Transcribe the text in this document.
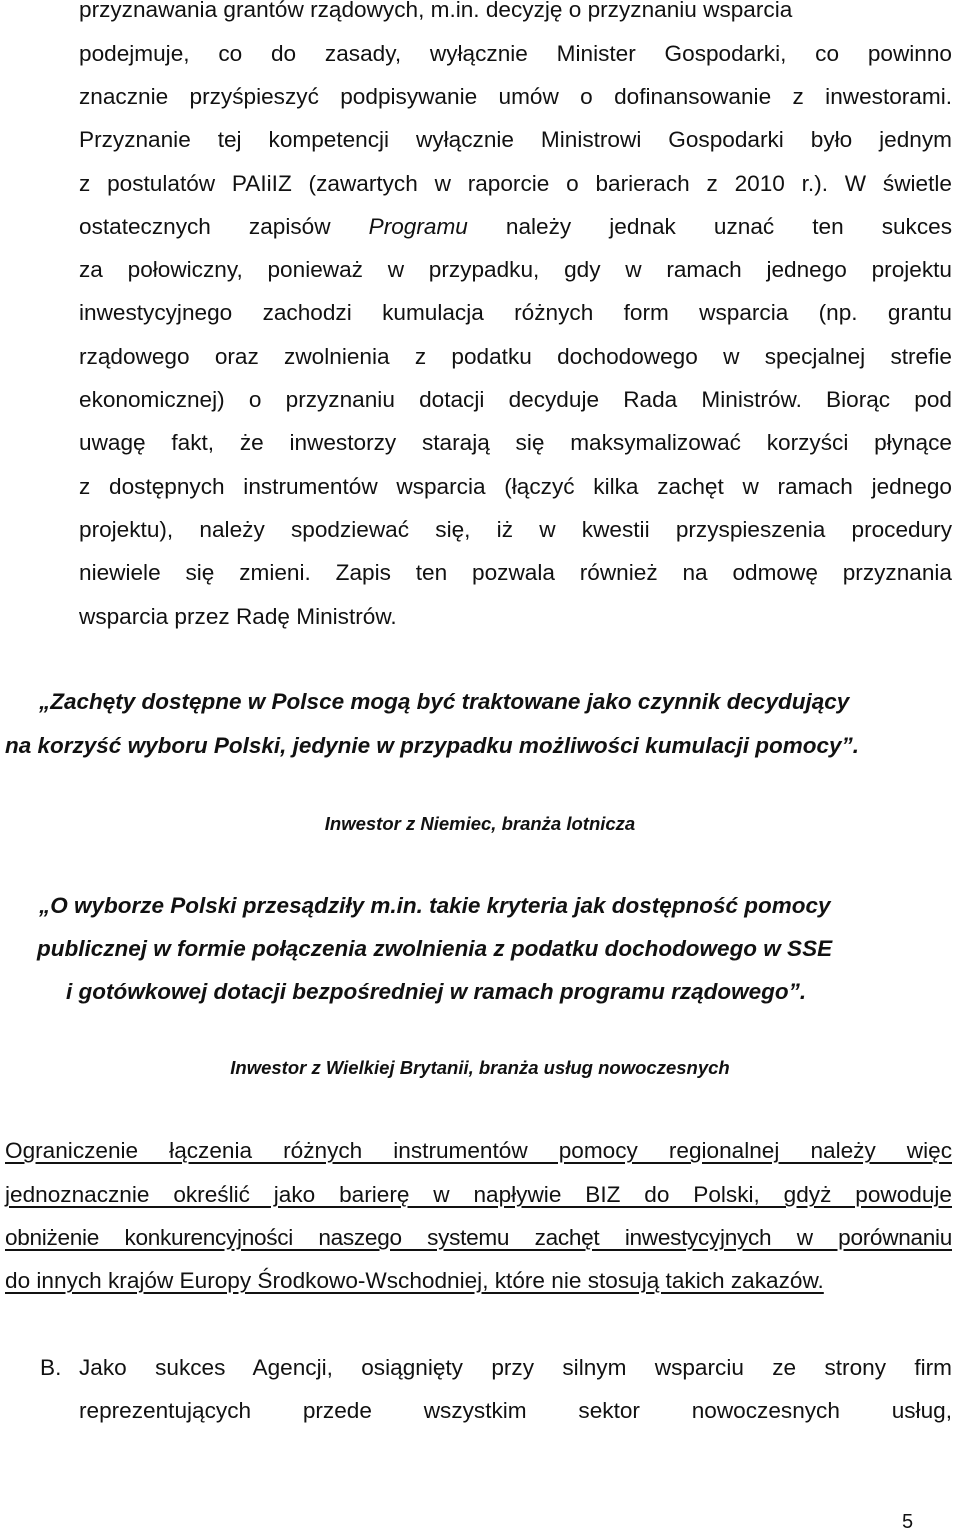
przyznawania grantów rządowych, m.in. decyzję o przyznaniu wsparcia
podejmuje, co do zasady, wyłącznie Minister Gospodarki, co powinno
znacznie przyśpieszyć podpisywanie umów o dofinansowanie z inwestorami.
Przyznanie tej kompetencji wyłącznie Ministrowi Gospodarki było jednym
z postulatów PAIiIZ (zawartych w raporcie o barierach z 2010 r.). W świetle
ostatecznych zapisów Programu należy jednak uznać ten sukces
za połowiczny, ponieważ w przypadku, gdy w ramach jednego projektu
inwestycyjnego zachodzi kumulacja różnych form wsparcia (np. grantu
rządowego oraz zwolnienia z podatku dochodowego w specjalnej strefie
ekonomicznej) o przyznaniu dotacji decyduje Rada Ministrów. Biorąc pod
uwagę fakt, że inwestorzy starają się maksymalizować korzyści płynące
z dostępnych instrumentów wsparcia (łączyć kilka zachęt w ramach jednego
projektu), należy spodziewać się, iż w kwestii przyspieszenia procedury
niewiele się zmieni. Zapis ten pozwala również na odmowę przyznania
wsparcia przez Radę Ministrów.
„Zachęty dostępne w Polsce mogą być traktowane jako czynnik decydujący
na korzyść wyboru Polski, jedynie w przypadku możliwości kumulacji pomocy”.
Inwestor z Niemiec, branża lotnicza
„O wyborze Polski przesądziły m.in. takie kryteria jak dostępność pomocy
publicznej w formie połączenia zwolnienia z podatku dochodowego w SSE
i gotówkowej dotacji bezpośredniej w ramach programu rządowego”.
Inwestor z Wielkiej Brytanii, branża usług nowoczesnych
Ograniczenie łączenia różnych instrumentów pomocy regionalnej należy więc
jednoznacznie określić jako barierę w napływie BIZ do Polski, gdyż powoduje
obniżenie konkurencyjności naszego systemu zachęt inwestycyjnych w porównaniu
do innych krajów Europy Środkowo-Wschodniej, które nie stosują takich zakazów.
B. Jako sukces Agencji, osiągnięty przy silnym wsparciu ze strony firm
reprezentujących przede wszystkim sektor nowoczesnych usług,
5
